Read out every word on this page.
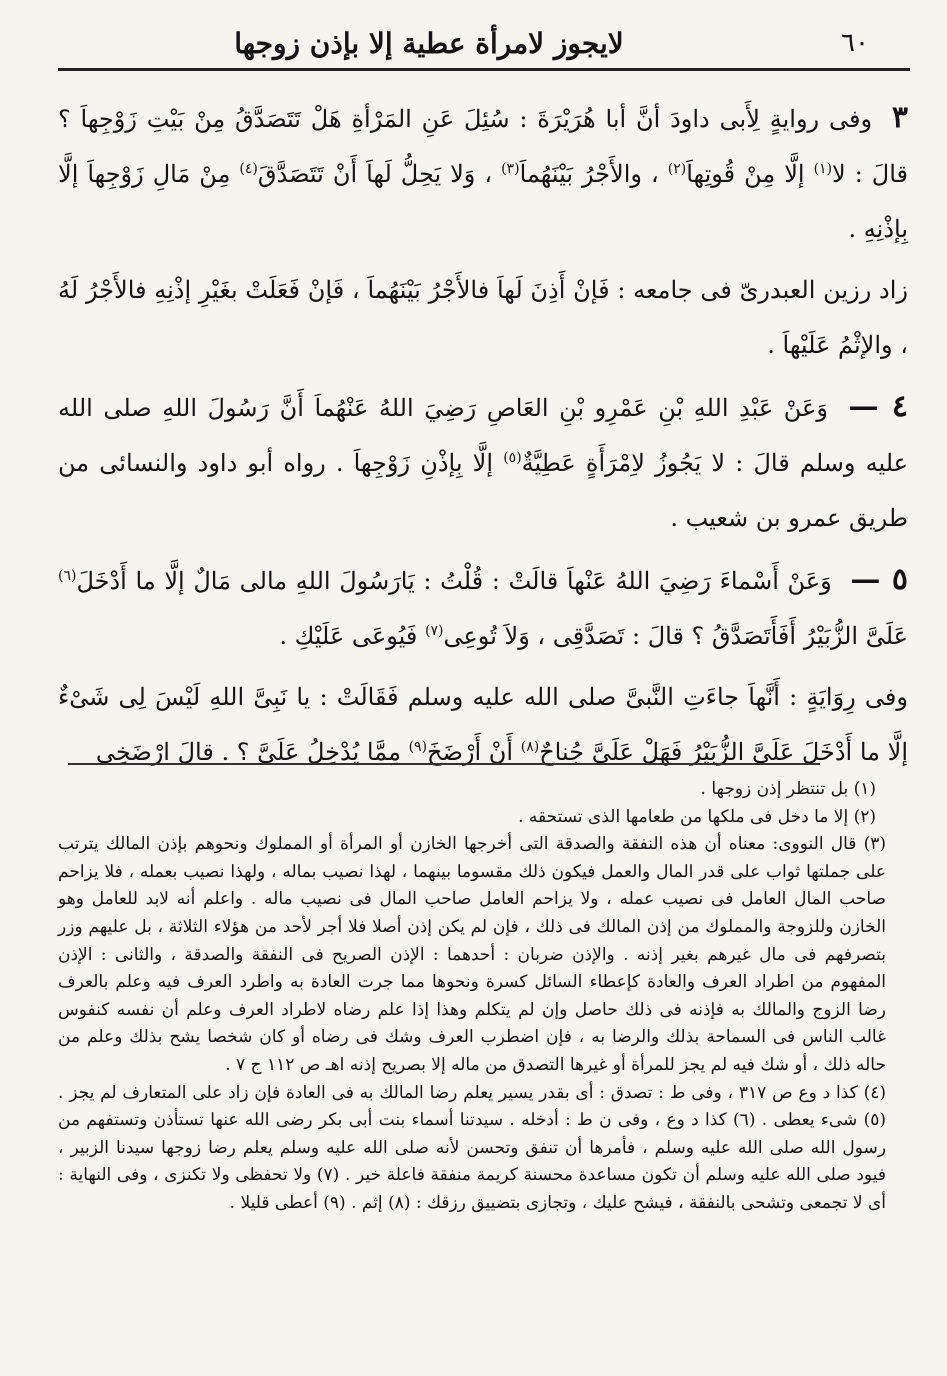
٦٠
لايجوز لامرأة عطية إلا بإذن زوجها

٣ وفى روايةٍ لِأَبى داودَ أنَّ أبا هُرَيْرَةَ : سُئِلَ عَنِ المَرْأةِ هَلْ تَتَصَدَّقُ مِنْ بَيْتِ زَوْجِهاَ ؟ قالَ : لا$^{(١)}$ إلَّا مِنْ قُوتِهاَ$^{(٢)}$ ، والأَجْرُ بَيْنَهُماَ$^{(٣)}$ ، وَلا يَحِلُّ لَهاَ أَنْ تَتَصَدَّقَ$^{(٤)}$ مِنْ مَالِ زَوْجِهاَ إلَّا بِإذْنِهِ .

زاد رزين العبدرىّ فى جامعه : فَإنْ أَذِنَ لَهاَ فالأَجْرُ بَيْنَهُماَ ، فَإنْ فَعَلَتْ بغَيْرِ إذْنِهِ فالأَجْرُ لَهُ ، والإثْمُ عَلَيْهاَ .

٤ — وَعَنْ عَبْدِ اللهِ بْنِ عَمْرِو بْنِ العَاصِ رَضِيَ اللهُ عَنْهُماَ أَنَّ رَسُولَ اللهِ صلى الله عليه وسلم قالَ : لا يَجُوزُ لاِمْرَأَةٍ عَطِيَّةٌ$^{(٥)}$ إلَّا بِإذْنِ زَوْجِهاَ . رواه أبو داود والنسائى من طريق عمرو بن شعيب .

٥ — وَعَنْ أَسْماءَ رَضِيَ اللهُ عَنْهاَ قالَتْ : قُلْتُ : يَارَسُولَ اللهِ مالى مَالٌ إلَّا ما أَدْخَلَ$^{(٦)}$ عَلَىَّ الزُّبَيْرُ أَفَأَتَصَدَّقُ ؟ قالَ : تَصَدَّقِى ، وَلاَ تُوعِى$^{(٧)}$ فَيُوعَى عَلَيْكِ .

وفى رِوَايَةٍ : أَنَّهاَ جاءَتِ النَّبىَّ صلى الله عليه وسلم فَقَالَتْ : يا نَبِىَّ اللهِ لَيْسَ لِى شَىْءٌ إلَّا ما أَدْخَلَ عَلَىَّ الزُّبَيْرُ فَهَلْ عَلَىَّ جُناحٌ$^{(٨)}$ أَنْ أَرْضَخَ$^{(٩)}$ مِمَّا يُدْخِلُ عَلَىَّ ؟ . قالَ ارْضَخِى

(١) بل تنتظر إذن زوجها .

(٢) إلا ما دخل فى ملكها من طعامها الذى تستحقه .

(٣) قال النووى: معناه أن هذه النفقة والصدقة التى أخرجها الخازن أو المرأة أو المملوك ونحوهم بإذن المالك يترتب على جملتها ثواب على قدر المال والعمل فيكون ذلك مقسوما بينهما ، لهذا نصيب بماله ، ولهذا نصيب بعمله ، فلا يزاحم صاحب المال العامل فى نصيب عمله ، ولا يزاحم العامل صاحب المال فى نصيب ماله . واعلم أنه لابد للعامل وهو الخازن وللزوجة والمملوك من إذن المالك فى ذلك ، فإن لم يكن إذن أصلا فلا أجر لأحد من هؤلاء الثلاثة ، بل عليهم وزر بتصرفهم فى مال غيرهم بغير إذنه . والإذن ضربان : أحدهما : الإذن الصريح فى النفقة والصدقة ، والثانى : الإذن المفهوم من اطراد العرف والعادة كإعطاء السائل كسرة ونحوها مما جرت العادة به واطرد العرف فيه وعلم بالعرف رضا الزوج والمالك به فإذنه فى ذلك حاصل وإن لم يتكلم وهذا إذا علم رضاه لاطراد العرف وعلم أن نفسه كنفوس غالب الناس فى السماحة بذلك والرضا به ، فإن اضطرب العرف وشك فى رضاه أو كان شخصا يشح بذلك وعلم من حاله ذلك ، أو شك فيه لم يجز للمرأة أو غيرها التصدق من ماله إلا بصريح إذنه اهـ ص ١١٢ ج ٧ .

(٤) كذا د وع ص ٣١٧ ، وفى ط : تصدق : أى بقدر يسير يعلم رضا المالك به فى العادة فإن زاد على المتعارف لم يجز . (٥) شىء يعطى . (٦) كذا د وع ، وفى ن ط : أدخله . سيدتنا أسماء بنت أبى بكر رضى الله عنها تستأذن وتستفهم من رسول الله صلى الله عليه وسلم ، فأمرها أن تنفق وتحسن لأنه صلى الله عليه وسلم يعلم رضا زوجها سيدنا الزبير ، فيود صلى الله عليه وسلم أن تكون مساعدة محسنة كريمة منفقة فاعلة خير . (٧) ولا تحفظى ولا تكنزى ، وفى النهاية : أى لا تجمعى وتشحى بالنفقة ، فيشح عليك ، وتجازى بتضييق رزقك : (٨) إثم . (٩) أعطى قليلا .
